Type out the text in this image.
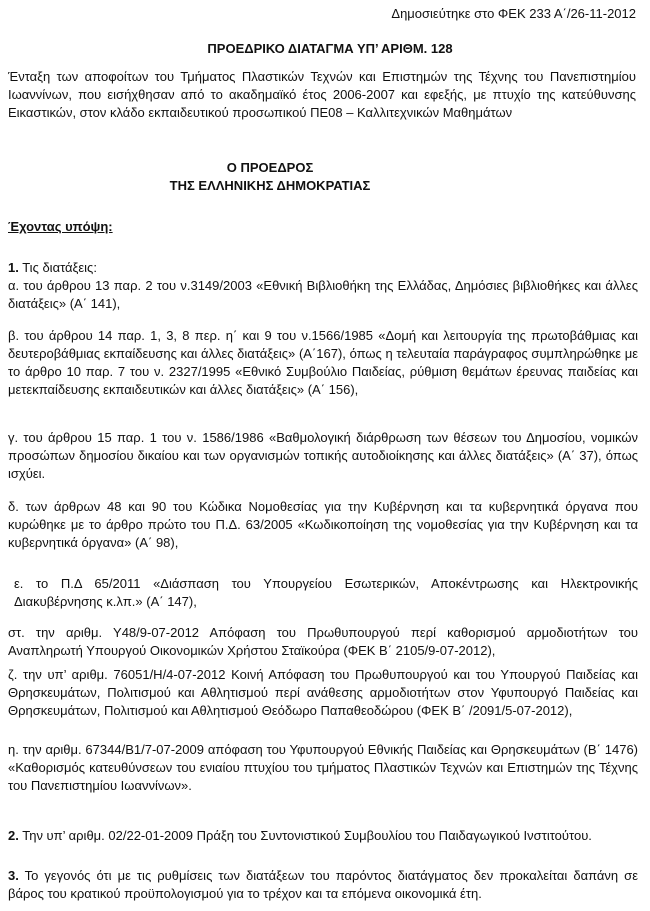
Δημοσιεύτηκε στο ΦΕΚ 233 Α΄/26-11-2012
ΠΡΟΕΔΡΙΚΟ ΔΙΑΤΑΓΜΑ ΥΠ’ ΑΡΙΘΜ. 128
Ένταξη των αποφοίτων του Τμήματος Πλαστικών Τεχνών και Επιστημών της Τέχνης του Πανεπιστημίου Ιωαννίνων, που εισήχθησαν από το ακαδημαϊκό έτος 2006-2007 και εφεξής, με πτυχίο της κατεύθυνσης Εικαστικών, στον κλάδο εκπαιδευτικού προσωπικού ΠΕ08 – Καλλιτεχνικών Μαθημάτων
Ο ΠΡΟΕΔΡΟΣ
ΤΗΣ ΕΛΛΗΝΙΚΗΣ ΔΗΜΟΚΡΑΤΙΑΣ
Έχοντας υπόψη:
1. Τις διατάξεις:
α. του άρθρου 13 παρ. 2 του ν.3149/2003 «Εθνική Βιβλιοθήκη της Ελλάδας, Δημόσιες βιβλιοθήκες και άλλες διατάξεις» (Α΄ 141),
β. του άρθρου 14 παρ. 1, 3, 8 περ. η΄ και 9 του ν.1566/1985 «Δομή και λειτουργία της πρωτοβάθμιας και δευτεροβάθμιας εκπαίδευσης και άλλες διατάξεις» (Α΄167), όπως η τελευταία παράγραφος συμπληρώθηκε με το άρθρο 10 παρ. 7 του ν. 2327/1995 «Εθνικό Συμβούλιο Παιδείας, ρύθμιση θεμάτων έρευνας παιδείας και μετεκπαίδευσης εκπαιδευτικών και άλλες διατάξεις» (Α΄ 156),
γ. του άρθρου 15 παρ. 1 του ν. 1586/1986 «Βαθμολογική διάρθρωση των θέσεων του Δημοσίου, νομικών προσώπων δημοσίου δικαίου και των οργανισμών τοπικής αυτοδιοίκησης και άλλες διατάξεις» (Α΄ 37), όπως ισχύει.
δ. των άρθρων 48 και 90 του Κώδικα Νομοθεσίας για την Κυβέρνηση και τα κυβερνητικά όργανα που κυρώθηκε με το άρθρο πρώτο του Π.Δ. 63/2005 «Κωδικοποίηση της νομοθεσίας για την Κυβέρνηση και τα κυβερνητικά όργανα» (Α΄ 98),
ε. το Π.Δ 65/2011 «Διάσπαση του Υπουργείου Εσωτερικών, Αποκέντρωσης και Ηλεκτρονικής Διακυβέρνησης κ.λπ.» (Α΄ 147),
στ. την αριθμ. Υ48/9-07-2012 Απόφαση του Πρωθυπουργού περί καθορισμού αρμοδιοτήτων του Αναπληρωτή Υπουργού Οικονομικών Χρήστου Σταϊκούρα (ΦΕΚ Β΄ 2105/9-07-2012),
ζ. την υπ’ αριθμ. 76051/Η/4-07-2012 Κοινή Απόφαση του Πρωθυπουργού και του Υπουργού Παιδείας και Θρησκευμάτων, Πολιτισμού και Αθλητισμού περί ανάθεσης αρμοδιοτήτων στον Υφυπουργό Παιδείας και Θρησκευμάτων, Πολιτισμού και Αθλητισμού Θεόδωρο Παπαθεοδώρου (ΦΕΚ Β΄ /2091/5-07-2012),
η. την αριθμ. 67344/Β1/7-07-2009 απόφαση του Υφυπουργού Εθνικής Παιδείας και Θρησκευμάτων (Β΄ 1476) «Καθορισμός κατευθύνσεων του ενιαίου πτυχίου του τμήματος Πλαστικών Τεχνών και Επιστημών της Τέχνης του Πανεπιστημίου Ιωαννίνων».
2. Την υπ’ αριθμ. 02/22-01-2009 Πράξη του Συντονιστικού Συμβουλίου του Παιδαγωγικού Ινστιτούτου.
3. Το γεγονός ότι με τις ρυθμίσεις των διατάξεων του παρόντος διατάγματος δεν προκαλείται δαπάνη σε βάρος του κρατικού προϋπολογισμού για το τρέχον και τα επόμενα οικονομικά έτη.
